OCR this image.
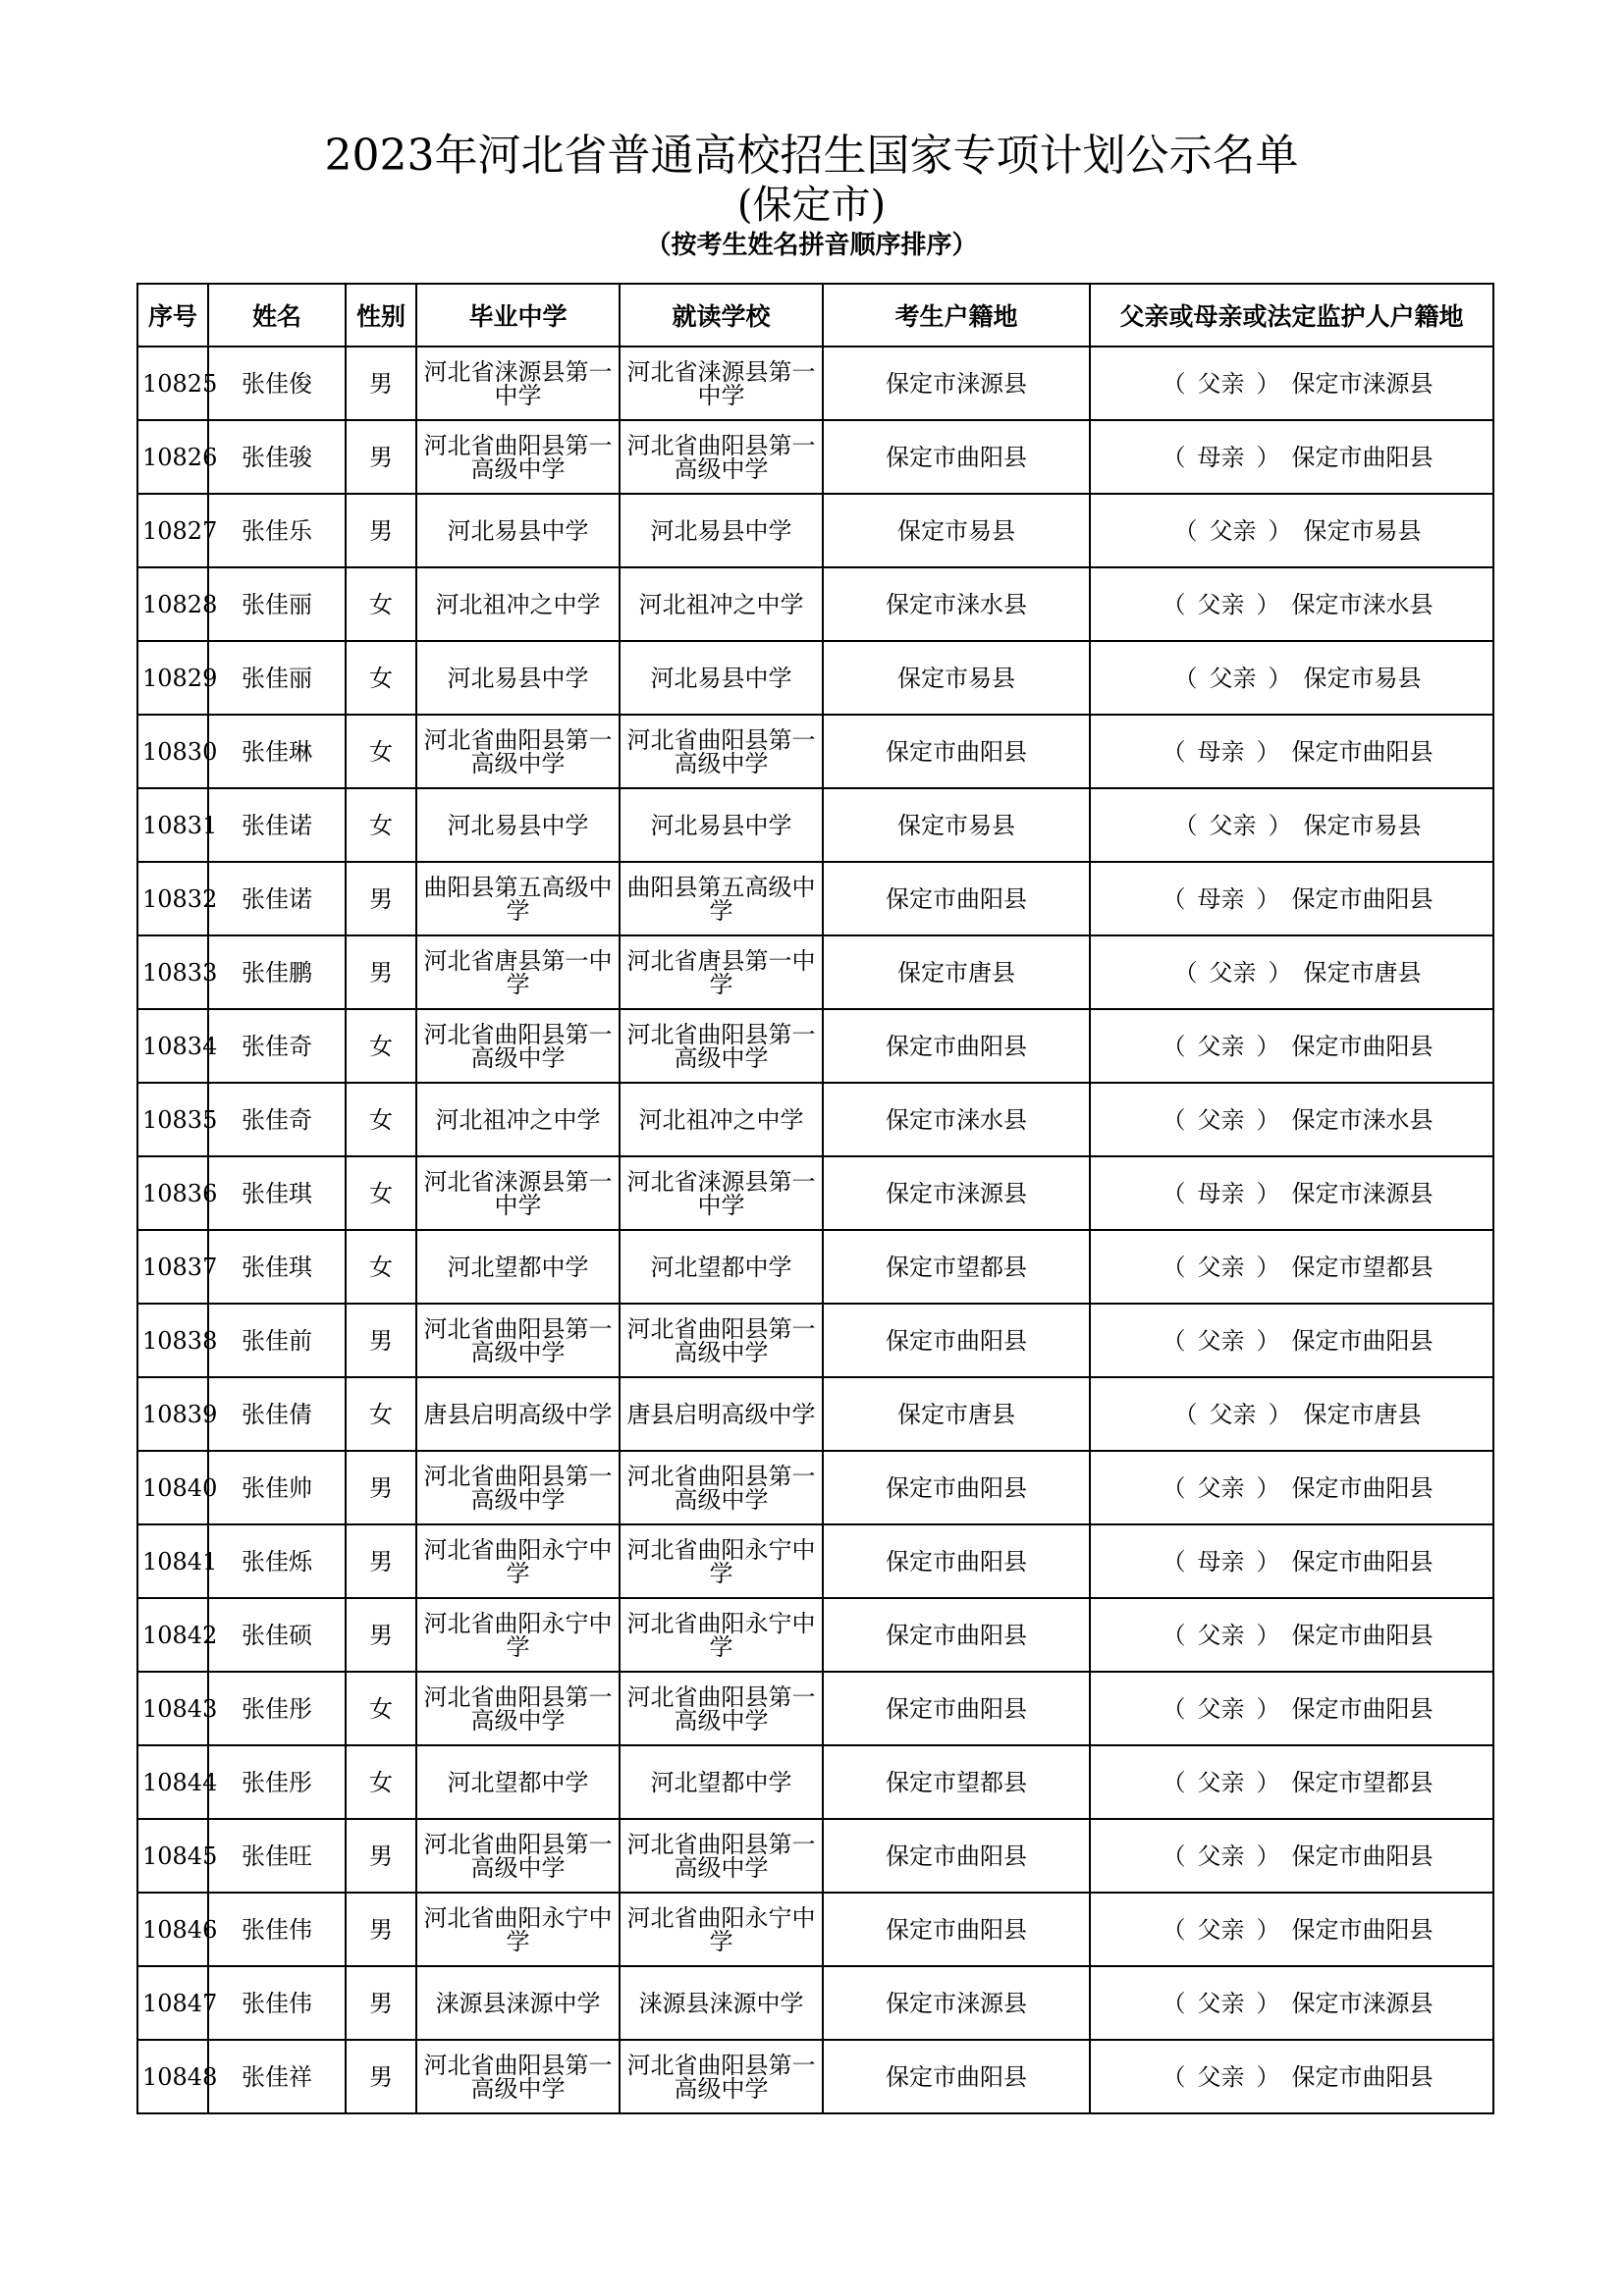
2023年河北省普通高校招生国家专项计划公示名单
(保定市)
（按考生姓名拼音顺序排序）
序号	姓名	性别	毕业中学	就读学校	考生户籍地	父亲或母亲或法定监护人户籍地
10825	张佳俊	男	河北省涞源县第一中学	河北省涞源县第一中学	保定市涞源县	（ 父亲 ） 保定市涞源县
10826	张佳骏	男	河北省曲阳县第一高级中学	河北省曲阳县第一高级中学	保定市曲阳县	（ 母亲 ） 保定市曲阳县
10827	张佳乐	男	河北易县中学	河北易县中学	保定市易县	（ 父亲 ） 保定市易县
10828	张佳丽	女	河北祖冲之中学	河北祖冲之中学	保定市涞水县	（ 父亲 ） 保定市涞水县
10829	张佳丽	女	河北易县中学	河北易县中学	保定市易县	（ 父亲 ） 保定市易县
10830	张佳琳	女	河北省曲阳县第一高级中学	河北省曲阳县第一高级中学	保定市曲阳县	（ 母亲 ） 保定市曲阳县
10831	张佳诺	女	河北易县中学	河北易县中学	保定市易县	（ 父亲 ） 保定市易县
10832	张佳诺	男	曲阳县第五高级中学	曲阳县第五高级中学	保定市曲阳县	（ 母亲 ） 保定市曲阳县
10833	张佳鹏	男	河北省唐县第一中学	河北省唐县第一中学	保定市唐县	（ 父亲 ） 保定市唐县
10834	张佳奇	女	河北省曲阳县第一高级中学	河北省曲阳县第一高级中学	保定市曲阳县	（ 父亲 ） 保定市曲阳县
10835	张佳奇	女	河北祖冲之中学	河北祖冲之中学	保定市涞水县	（ 父亲 ） 保定市涞水县
10836	张佳琪	女	河北省涞源县第一中学	河北省涞源县第一中学	保定市涞源县	（ 母亲 ） 保定市涞源县
10837	张佳琪	女	河北望都中学	河北望都中学	保定市望都县	（ 父亲 ） 保定市望都县
10838	张佳前	男	河北省曲阳县第一高级中学	河北省曲阳县第一高级中学	保定市曲阳县	（ 父亲 ） 保定市曲阳县
10839	张佳倩	女	唐县启明高级中学	唐县启明高级中学	保定市唐县	（ 父亲 ） 保定市唐县
10840	张佳帅	男	河北省曲阳县第一高级中学	河北省曲阳县第一高级中学	保定市曲阳县	（ 父亲 ） 保定市曲阳县
10841	张佳烁	男	河北省曲阳永宁中学	河北省曲阳永宁中学	保定市曲阳县	（ 母亲 ） 保定市曲阳县
10842	张佳硕	男	河北省曲阳永宁中学	河北省曲阳永宁中学	保定市曲阳县	（ 父亲 ） 保定市曲阳县
10843	张佳彤	女	河北省曲阳县第一高级中学	河北省曲阳县第一高级中学	保定市曲阳县	（ 父亲 ） 保定市曲阳县
10844	张佳彤	女	河北望都中学	河北望都中学	保定市望都县	（ 父亲 ） 保定市望都县
10845	张佳旺	男	河北省曲阳县第一高级中学	河北省曲阳县第一高级中学	保定市曲阳县	（ 父亲 ） 保定市曲阳县
10846	张佳伟	男	河北省曲阳永宁中学	河北省曲阳永宁中学	保定市曲阳县	（ 父亲 ） 保定市曲阳县
10847	张佳伟	男	涞源县涞源中学	涞源县涞源中学	保定市涞源县	（ 父亲 ） 保定市涞源县
10848	张佳祥	男	河北省曲阳县第一高级中学	河北省曲阳县第一高级中学	保定市曲阳县	（ 父亲 ） 保定市曲阳县
